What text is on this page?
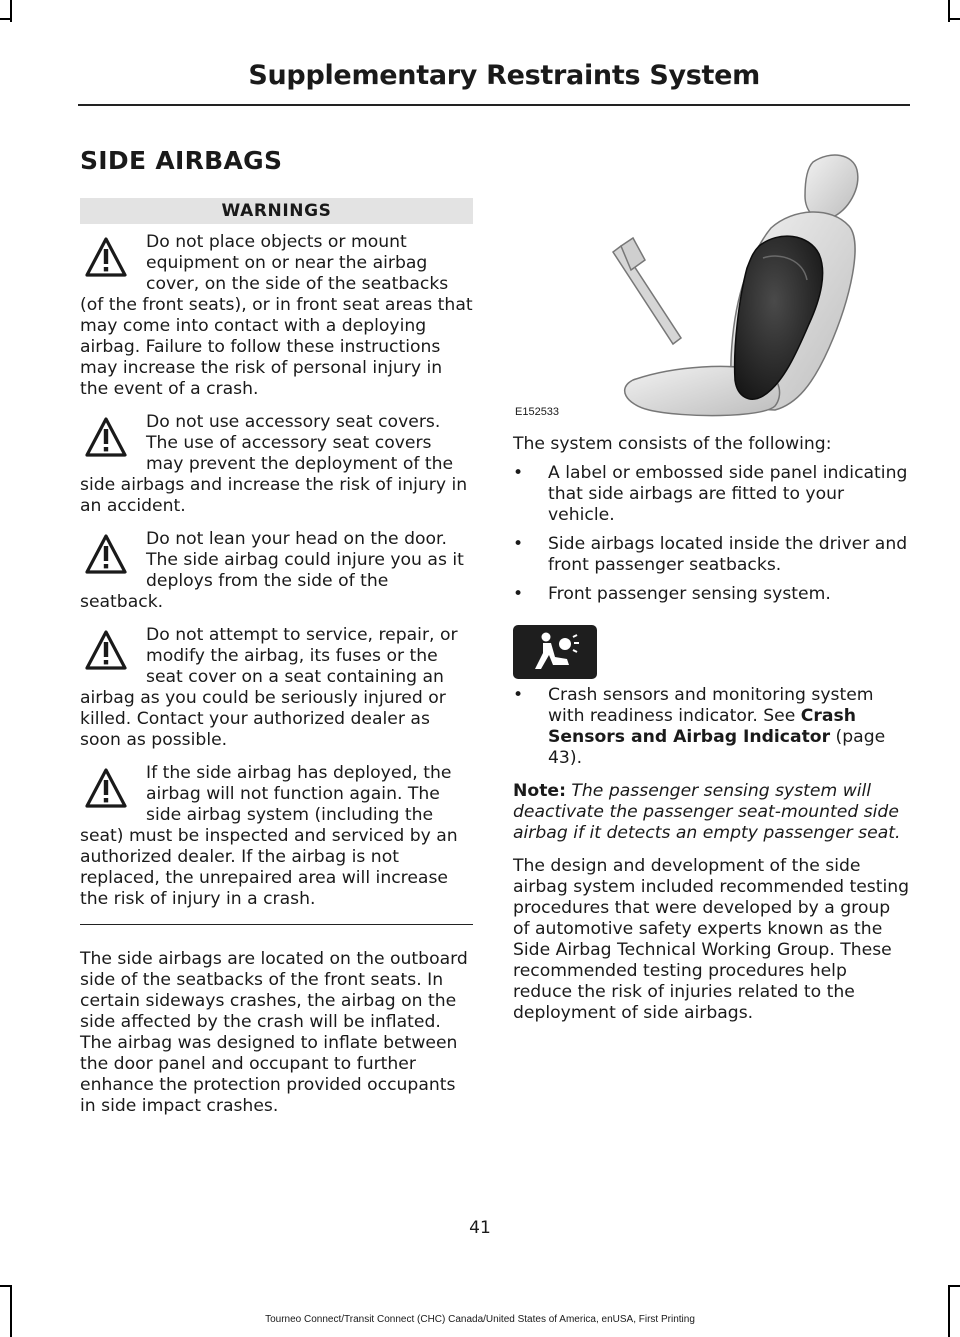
Supplementary Restraints System
SIDE AIRBAGS
WARNINGS

Do not place objects or mount equipment on or near the airbag cover, on the side of the seatbacks (of the front seats), or in front seat areas that may come into contact with a deploying airbag. Failure to follow these instructions may increase the risk of personal injury in the event of a crash.

Do not use accessory seat covers. The use of accessory seat covers may prevent the deployment of the side airbags and increase the risk of injury in an accident.

Do not lean your head on the door. The side airbag could injure you as it deploys from the side of the seatback.

Do not attempt to service, repair, or modify the airbag, its fuses or the seat cover on a seat containing an airbag as you could be seriously injured or killed. Contact your authorized dealer as soon as possible.

If the side airbag has deployed, the airbag will not function again. The side airbag system (including the seat) must be inspected and serviced by an authorized dealer. If the airbag is not replaced, the unrepaired area will increase the risk of injury in a crash.

The side airbags are located on the outboard side of the seatbacks of the front seats. In certain sideways crashes, the airbag on the side affected by the crash will be inflated. The airbag was designed to inflate between the door panel and occupant to further enhance the protection provided occupants in side impact crashes.

E152533

The system consists of the following:

• A label or embossed side panel indicating that side airbags are fitted to your vehicle.
• Side airbags located inside the driver and front passenger seatbacks.
• Front passenger sensing system.
• Crash sensors and monitoring system with readiness indicator. See Crash Sensors and Airbag Indicator (page 43).

Note: The passenger sensing system will deactivate the passenger seat-mounted side airbag if it detects an empty passenger seat.

The design and development of the side airbag system included recommended testing procedures that were developed by a group of automotive safety experts known as the Side Airbag Technical Working Group. These recommended testing procedures help reduce the risk of injuries related to the deployment of side airbags.

41
Tourneo Connect/Transit Connect (CHC) Canada/United States of America, enUSA, First Printing
